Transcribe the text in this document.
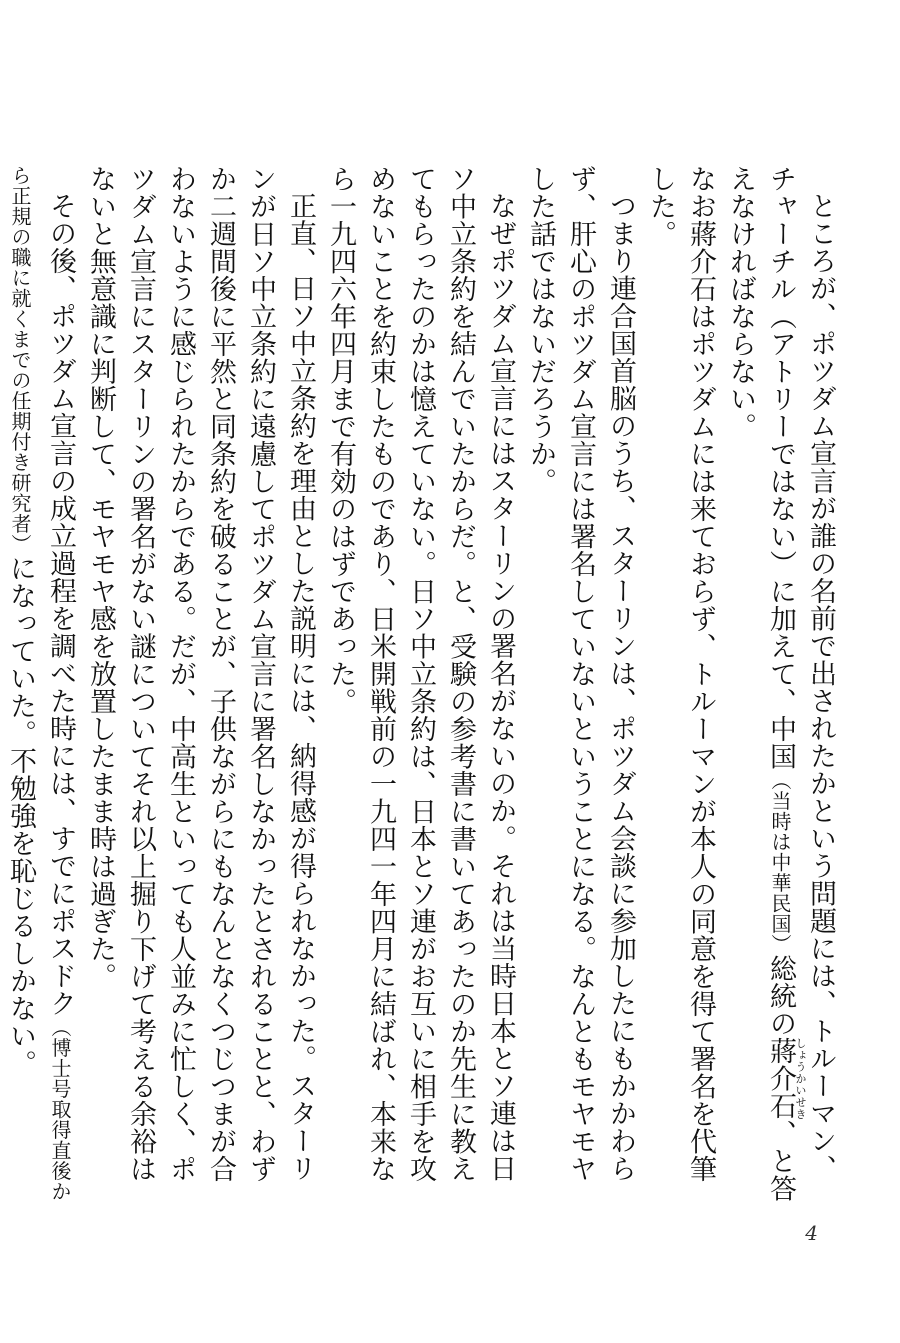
ところが、ポツダム宣言が誰の名前で出されたかという問題には、トルーマン、チャーチル（アトリーではない）に加えて、中国（当時は中華民国）総統の蔣介石しょうかいせき、と答えなければならない。

なお蔣介石はポツダムには来ておらず、トルーマンが本人の同意を得て署名を代筆した。

つまり連合国首脳のうち、スターリンは、ポツダム会談に参加したにもかかわらず、肝心のポツダム宣言には署名していないということになる。なんともモヤモヤした話ではないだろうか。

なぜポツダム宣言にはスターリンの署名がないのか。それは当時日本とソ連は日ソ中立条約を結んでいたからだ。と、受験の参考書に書いてあったのか先生に教えてもらったのかは憶えていない。日ソ中立条約は、日本とソ連がお互いに相手を攻めないことを約束したものであり、日米開戦前の一九四一年四月に結ばれ、本来なら一九四六年四月まで有効のはずであった。

正直、日ソ中立条約を理由とした説明には、納得感が得られなかった。スターリンが日ソ中立条約に遠慮してポツダム宣言に署名しなかったとされることと、わずか二週間後に平然と同条約を破ることが、子供ながらにもなんとなくつじつまが合わないように感じられたからである。だが、中高生といっても人並みに忙しく、ポツダム宣言にスターリンの署名がない謎についてそれ以上掘り下げて考える余裕はないと無意識に判断して、モヤモヤ感を放置したまま時は過ぎた。

その後、ポツダム宣言の成立過程を調べた時には、すでにポスドク（博士号取得直後から正規の職に就くまでの任期付き研究者）になっていた。不勉強を恥じるしかない。

4
